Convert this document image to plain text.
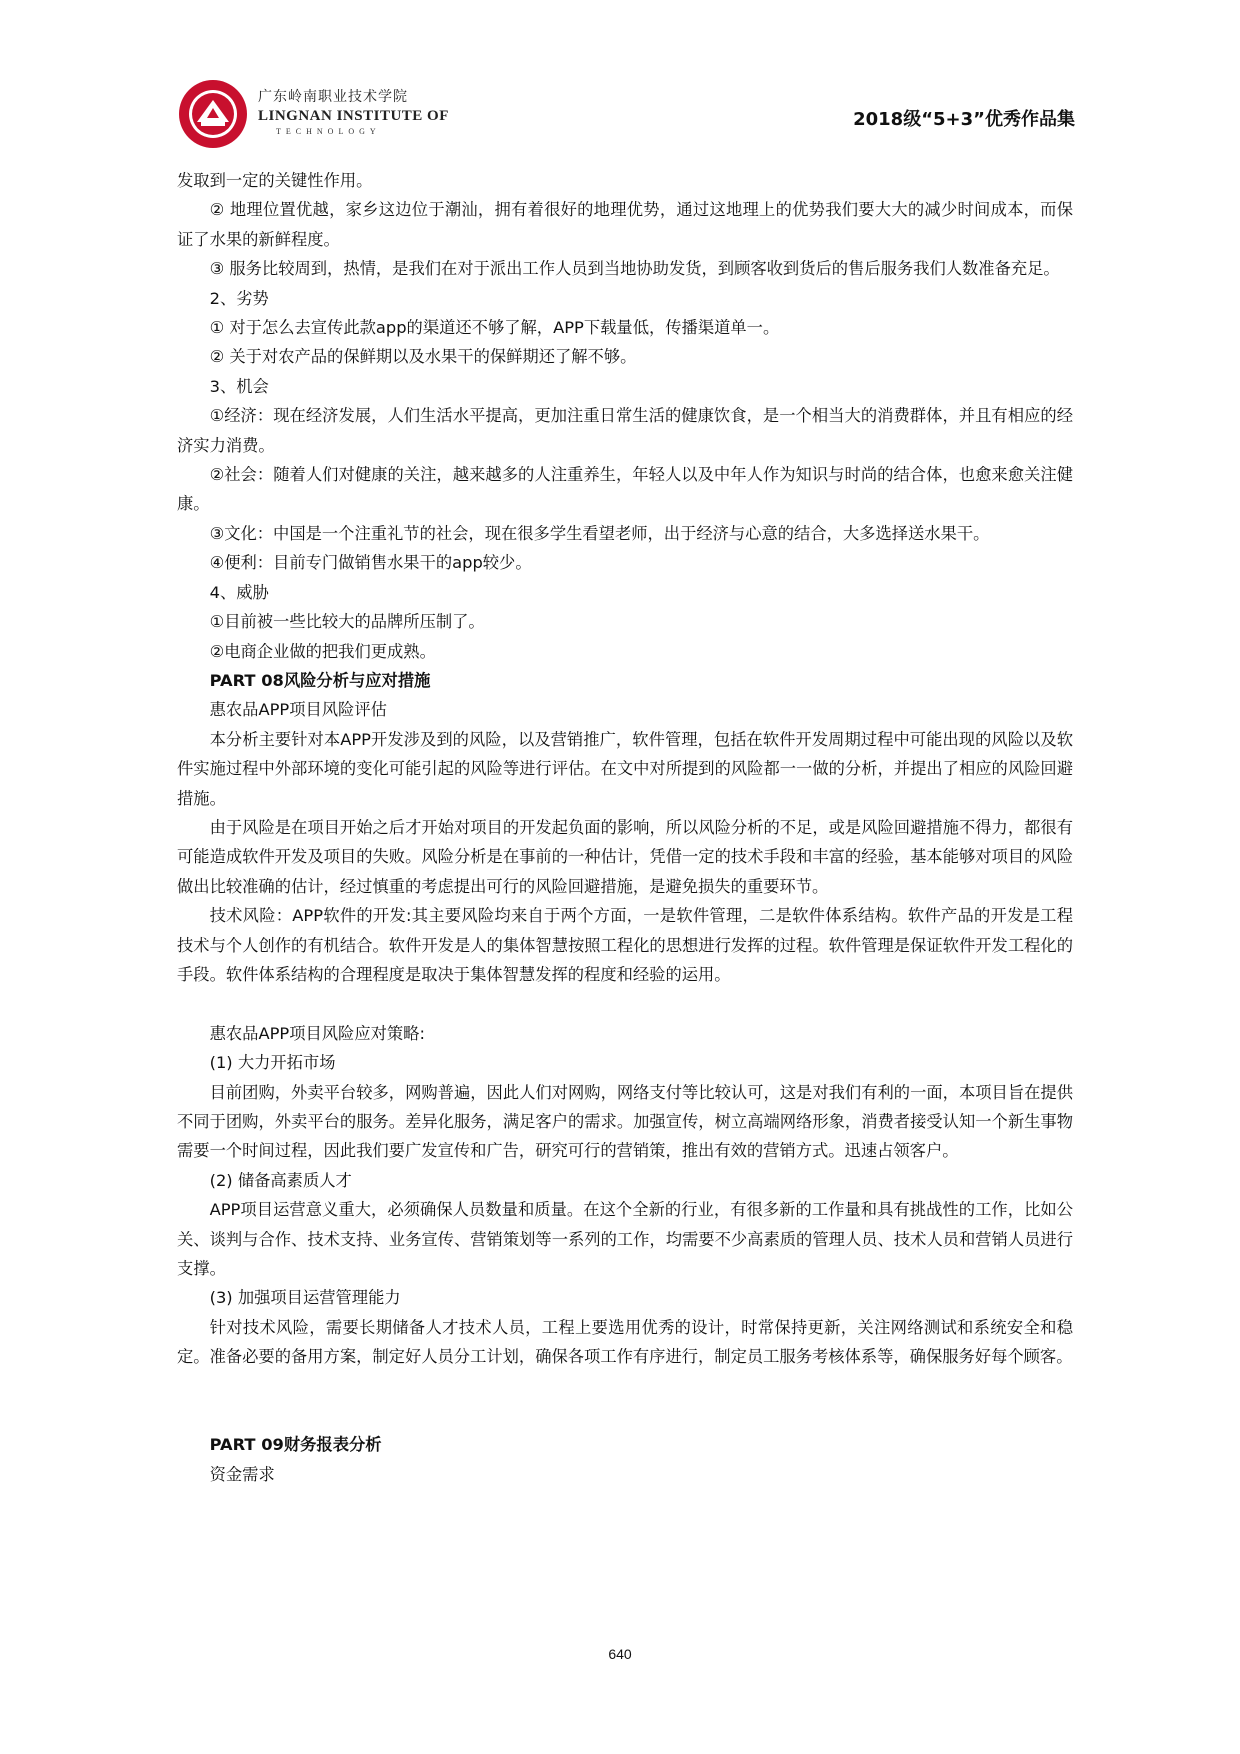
广东岭南职业技术学院
LINGNAN INSTITUTE OF
TECHNOLOGY
2018级“5+3”优秀作品集

发取到一定的关键性作用。

② 地理位置优越，家乡这边位于潮汕，拥有着很好的地理优势，通过这地理上的优势我们要大大的减少时间成本，而保证了水果的新鲜程度。

③ 服务比较周到，热情，是我们在对于派出工作人员到当地协助发货，到顾客收到货后的售后服务我们人数准备充足。

2、劣势

① 对于怎么去宣传此款app的渠道还不够了解，APP下载量低，传播渠道单一。

② 关于对农产品的保鲜期以及水果干的保鲜期还了解不够。

3、机会

①经济：现在经济发展，人们生活水平提高，更加注重日常生活的健康饮食，是一个相当大的消费群体，并且有相应的经济实力消费。

②社会：随着人们对健康的关注，越来越多的人注重养生，年轻人以及中年人作为知识与时尚的结合体，也愈来愈关注健康。

③文化：中国是一个注重礼节的社会，现在很多学生看望老师，出于经济与心意的结合，大多选择送水果干。

④便利：目前专门做销售水果干的app较少。

4、威胁

①目前被一些比较大的品牌所压制了。

②电商企业做的把我们更成熟。

PART 08风险分析与应对措施

惠农品APP项目风险评估

本分析主要针对本APP开发涉及到的风险，以及营销推广，软件管理，包括在软件开发周期过程中可能出现的风险以及软件实施过程中外部环境的变化可能引起的风险等进行评估。在文中对所提到的风险都一一做的分析，并提出了相应的风险回避措施。

由于风险是在项目开始之后才开始对项目的开发起负面的影响，所以风险分析的不足，或是风险回避措施不得力，都很有可能造成软件开发及项目的失败。风险分析是在事前的一种估计，凭借一定的技术手段和丰富的经验，基本能够对项目的风险做出比较准确的估计，经过慎重的考虑提出可行的风险回避措施，是避免损失的重要环节。

技术风险：APP软件的开发:其主要风险均来自于两个方面，一是软件管理，二是软件体系结构。软件产品的开发是工程技术与个人创作的有机结合。软件开发是人的集体智慧按照工程化的思想进行发挥的过程。软件管理是保证软件开发工程化的手段。软件体系结构的合理程度是取决于集体智慧发挥的程度和经验的运用。

惠农品APP项目风险应对策略:

(1) 大力开拓市场

目前团购，外卖平台较多，网购普遍，因此人们对网购，网络支付等比较认可，这是对我们有利的一面，本项目旨在提供不同于团购，外卖平台的服务。差异化服务，满足客户的需求。加强宣传，树立高端网络形象，消费者接受认知一个新生事物需要一个时间过程，因此我们要广发宣传和广告，研究可行的营销策，推出有效的营销方式。迅速占领客户。

(2) 储备高素质人才

APP项目运营意义重大，必须确保人员数量和质量。在这个全新的行业，有很多新的工作量和具有挑战性的工作，比如公关、谈判与合作、技术支持、业务宣传、营销策划等一系列的工作，均需要不少高素质的管理人员、技术人员和营销人员进行支撑。

(3) 加强项目运营管理能力

针对技术风险，需要长期储备人才技术人员，工程上要选用优秀的设计，时常保持更新，关注网络测试和系统安全和稳定。准备必要的备用方案，制定好人员分工计划，确保各项工作有序进行，制定员工服务考核体系等，确保服务好每个顾客。

PART 09财务报表分析

资金需求

640
